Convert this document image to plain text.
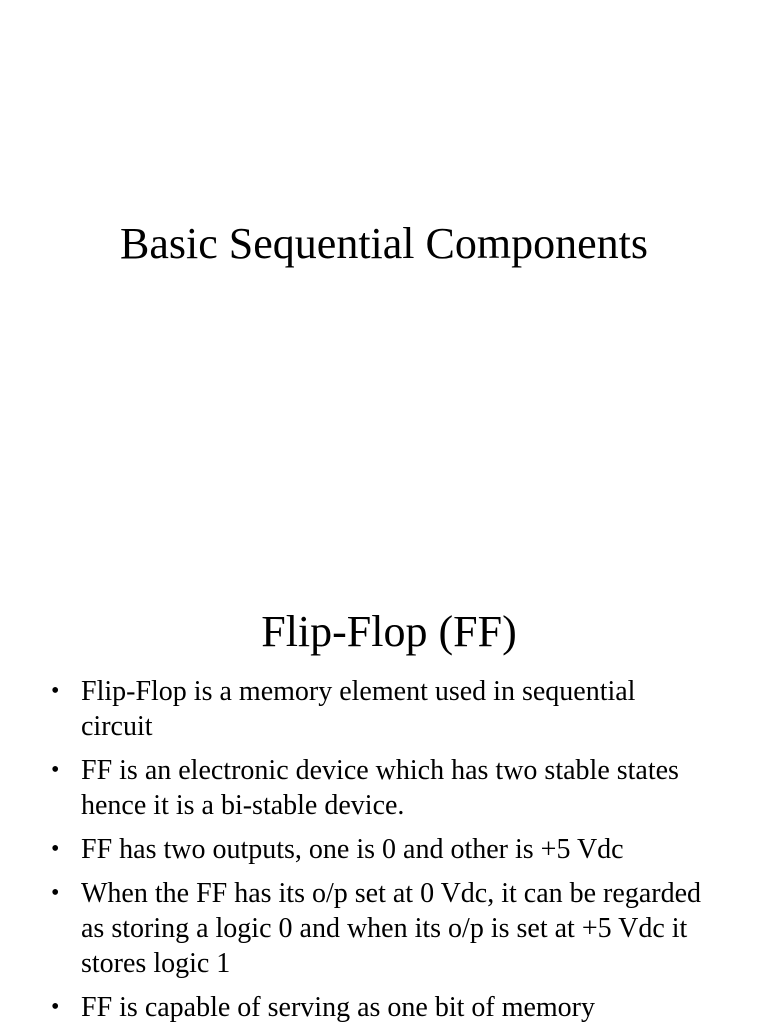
Basic Sequential Components
Flip-Flop (FF)
• Flip-Flop is a memory element used in sequential circuit
• FF is an electronic device which has two stable states hence it is a bi-stable device.
• FF has two outputs, one is 0 and other is +5 Vdc
• When the FF has its o/p set at 0 Vdc, it can be regarded as storing a logic 0 and when its o/p is set at +5 Vdc it stores logic 1
• FF is capable of serving as one bit of memory
